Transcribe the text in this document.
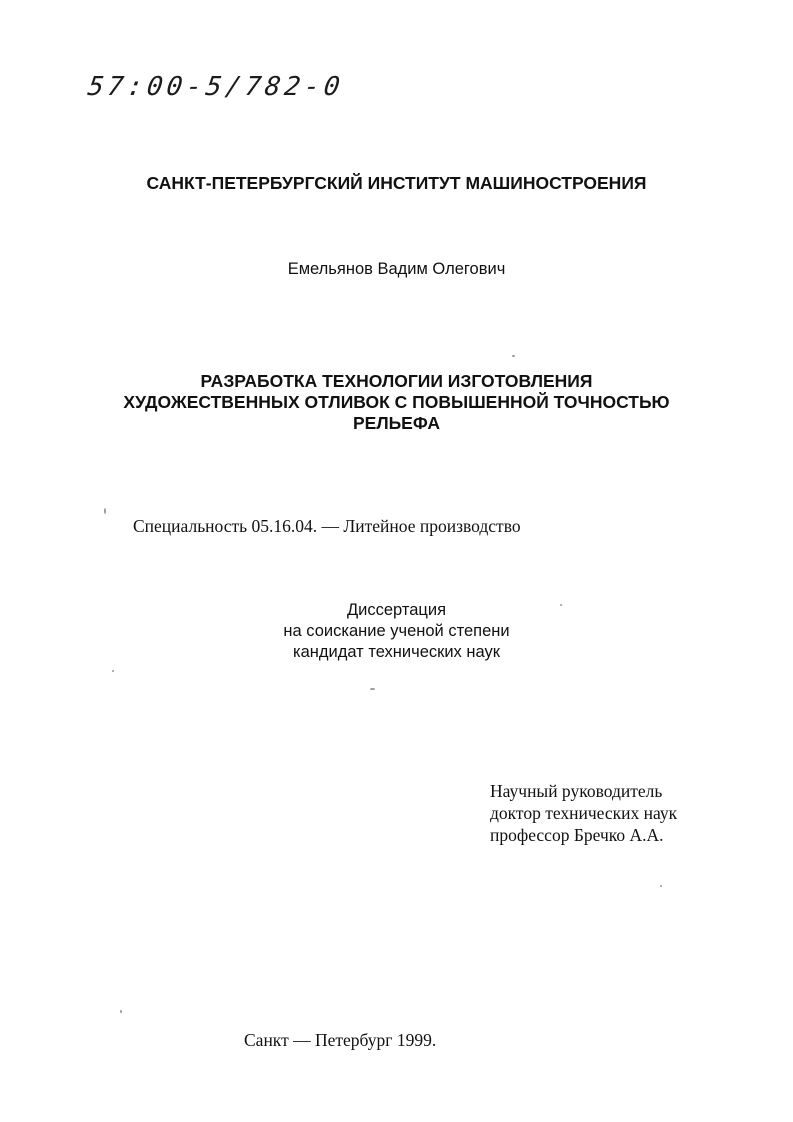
57:00-5/782-0
САНКТ-ПЕТЕРБУРГСКИЙ ИНСТИТУТ МАШИНОСТРОЕНИЯ
Емельянов Вадим Олегович
РАЗРАБОТКА ТЕХНОЛОГИИ ИЗГОТОВЛЕНИЯ
ХУДОЖЕСТВЕННЫХ ОТЛИВОК С ПОВЫШЕННОЙ ТОЧНОСТЬЮ
РЕЛЬЕФА
Специальность 05.16.04. — Литейное производство
Диссертация
на соискание ученой степени
кандидат технических наук
Научный руководитель
доктор технических наук
профессор Бречко А.А.
Санкт — Петербург 1999.
